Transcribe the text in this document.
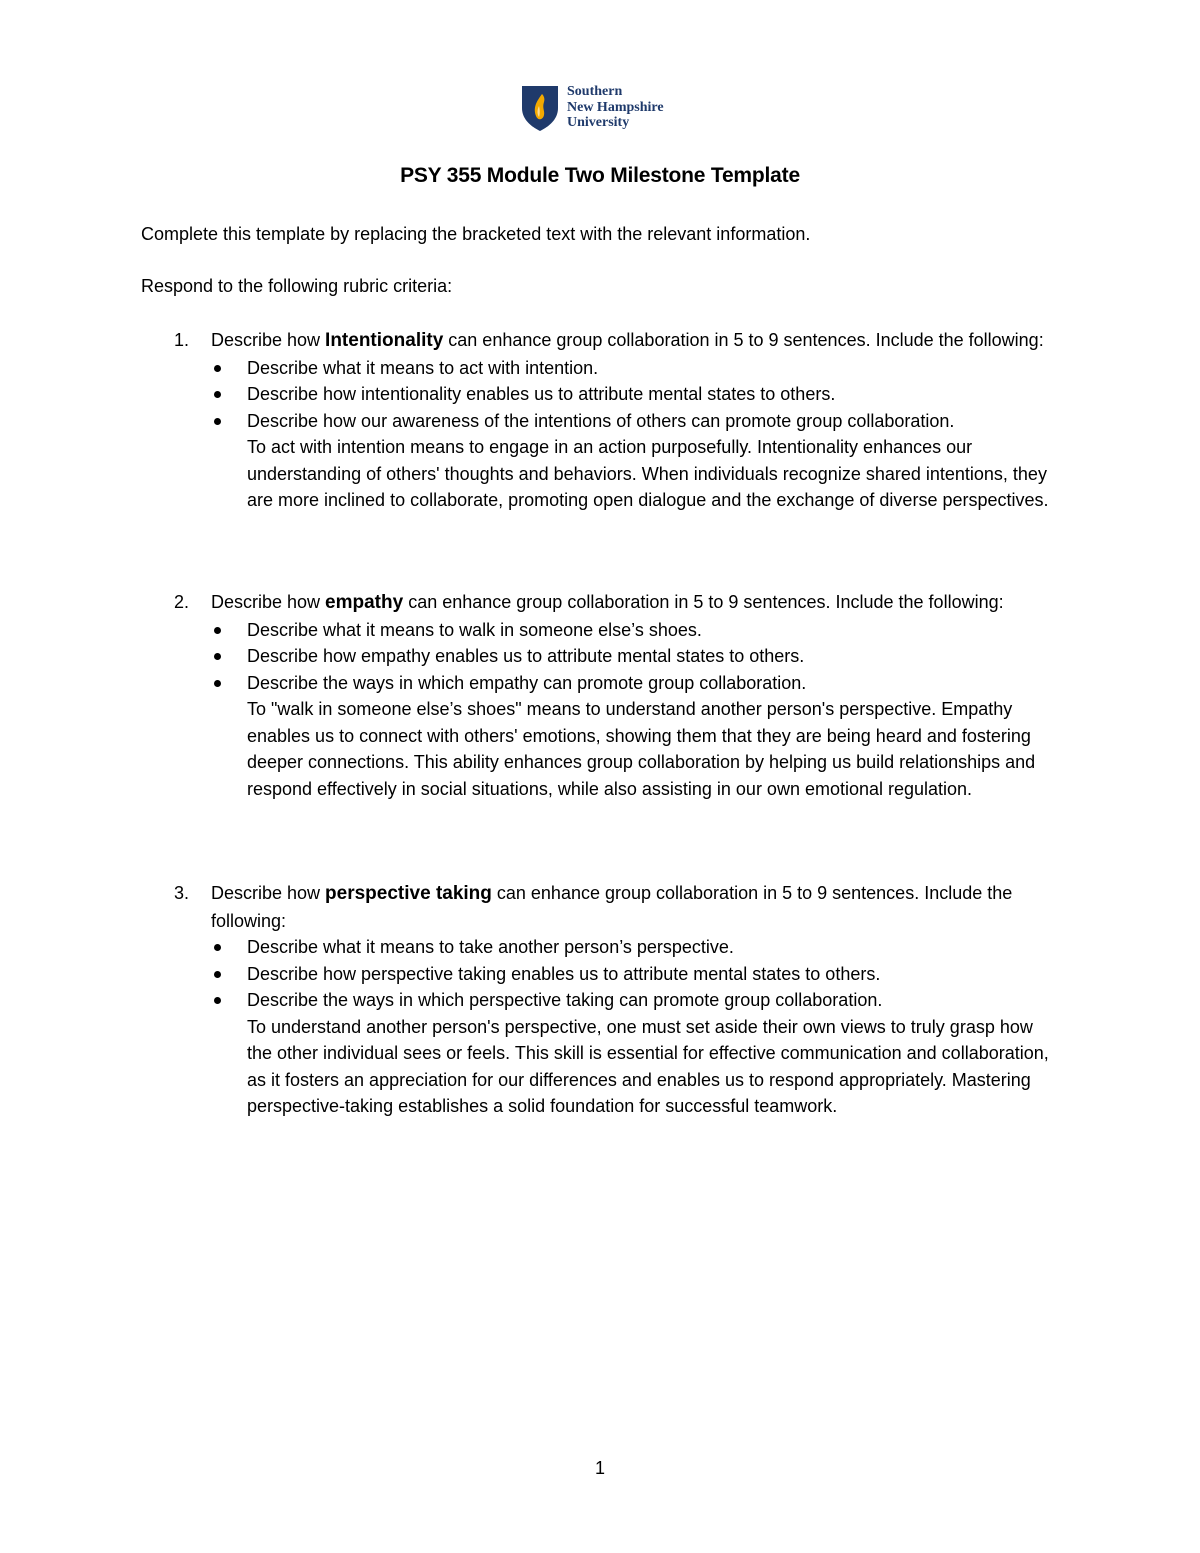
Southern
New Hampshire
University
PSY 355 Module Two Milestone Template
Complete this template by replacing the bracketed text with the relevant information.
Respond to the following rubric criteria:
1. Describe how Intentionality can enhance group collaboration in 5 to 9 sentences. Include the following:
Describe what it means to act with intention.
Describe how intentionality enables us to attribute mental states to others.
Describe how our awareness of the intentions of others can promote group collaboration.
To act with intention means to engage in an action purposefully. Intentionality enhances our understanding of others' thoughts and behaviors. When individuals recognize shared intentions, they are more inclined to collaborate, promoting open dialogue and the exchange of diverse perspectives.
2. Describe how empathy can enhance group collaboration in 5 to 9 sentences. Include the following:
Describe what it means to walk in someone else’s shoes.
Describe how empathy enables us to attribute mental states to others.
Describe the ways in which empathy can promote group collaboration.
To "walk in someone else’s shoes" means to understand another person's perspective. Empathy enables us to connect with others' emotions, showing them that they are being heard and fostering deeper connections. This ability enhances group collaboration by helping us build relationships and respond effectively in social situations, while also assisting in our own emotional regulation.
3. Describe how perspective taking can enhance group collaboration in 5 to 9 sentences. Include the following:
Describe what it means to take another person’s perspective.
Describe how perspective taking enables us to attribute mental states to others.
Describe the ways in which perspective taking can promote group collaboration.
To understand another person's perspective, one must set aside their own views to truly grasp how the other individual sees or feels. This skill is essential for effective communication and collaboration, as it fosters an appreciation for our differences and enables us to respond appropriately. Mastering perspective-taking establishes a solid foundation for successful teamwork.
1
